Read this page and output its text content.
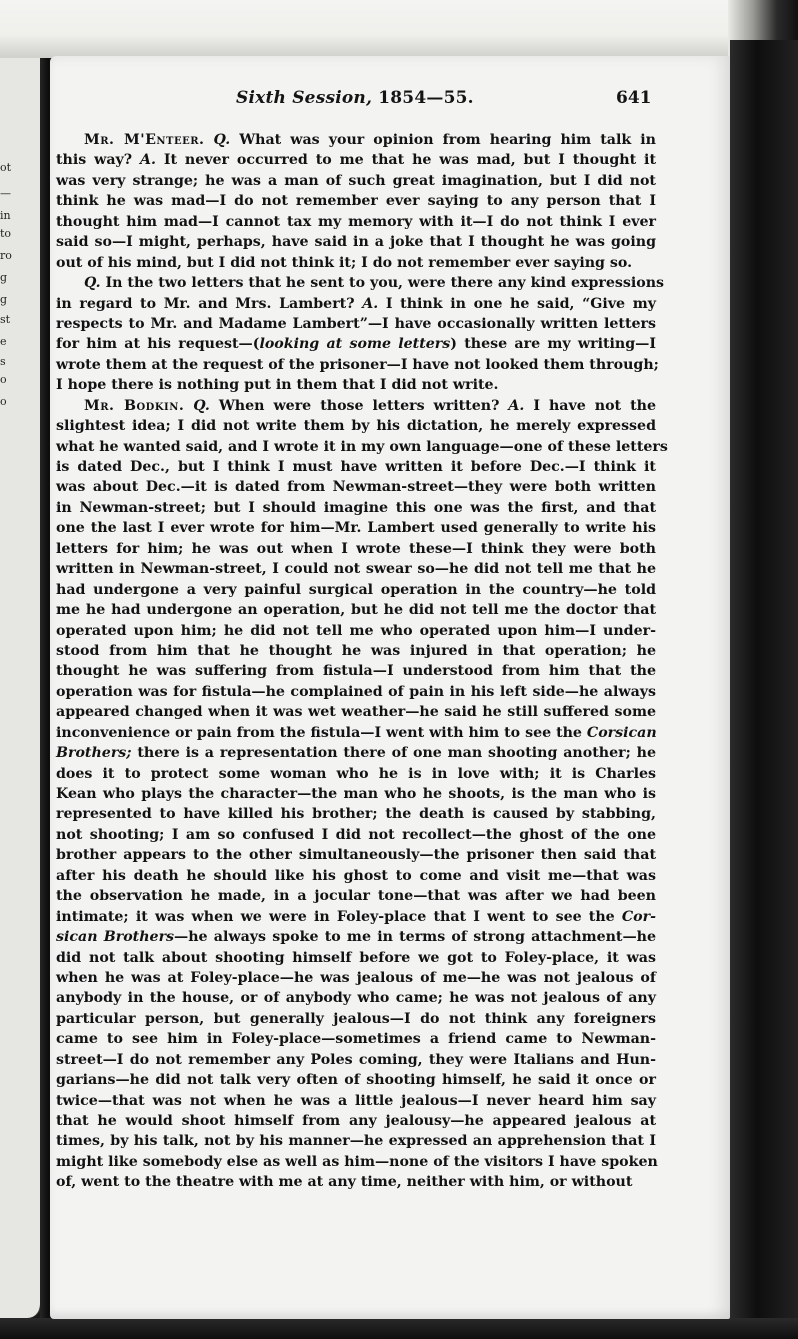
ot
—
in
to
ro
g
g
st
e
s
o
o
Sixth Session, 1854—55.	641
Mr. M'Enteer. Q. What was your opinion from hearing him talk in
this way? A. It never occurred to me that he was mad, but I thought it
was very strange; he was a man of such great imagination, but I did not
think he was mad—I do not remember ever saying to any person that I
thought him mad—I cannot tax my memory with it—I do not think I ever
said so—I might, perhaps, have said in a joke that I thought he was going
out of his mind, but I did not think it; I do not remember ever saying so.
Q. In the two letters that he sent to you, were there any kind expressions
in regard to Mr. and Mrs. Lambert? A. I think in one he said, “Give my
respects to Mr. and Madame Lambert”—I have occasionally written letters
for him at his request—(looking at some letters) these are my writing—I
wrote them at the request of the prisoner—I have not looked them through;
I hope there is nothing put in them that I did not write.
Mr. Bodkin. Q. When were those letters written? A. I have not the
slightest idea; I did not write them by his dictation, he merely expressed
what he wanted said, and I wrote it in my own language—one of these letters
is dated Dec., but I think I must have written it before Dec.—I think it
was about Dec.—it is dated from Newman-street—they were both written
in Newman-street; but I should imagine this one was the first, and that
one the last I ever wrote for him—Mr. Lambert used generally to write his
letters for him; he was out when I wrote these—I think they were both
written in Newman-street, I could not swear so—he did not tell me that he
had undergone a very painful surgical operation in the country—he told
me he had undergone an operation, but he did not tell me the doctor that
operated upon him; he did not tell me who operated upon him—I under-
stood from him that he thought he was injured in that operation; he
thought he was suffering from fistula—I understood from him that the
operation was for fistula—he complained of pain in his left side—he always
appeared changed when it was wet weather—he said he still suffered some
inconvenience or pain from the fistula—I went with him to see the Corsican
Brothers; there is a representation there of one man shooting another; he
does it to protect some woman who he is in love with; it is Charles
Kean who plays the character—the man who he shoots, is the man who is
represented to have killed his brother; the death is caused by stabbing,
not shooting; I am so confused I did not recollect—the ghost of the one
brother appears to the other simultaneously—the prisoner then said that
after his death he should like his ghost to come and visit me—that was
the observation he made, in a jocular tone—that was after we had been
intimate; it was when we were in Foley-place that I went to see the Cor-
sican Brothers—he always spoke to me in terms of strong attachment—he
did not talk about shooting himself before we got to Foley-place, it was
when he was at Foley-place—he was jealous of me—he was not jealous of
anybody in the house, or of anybody who came; he was not jealous of any
particular person, but generally jealous—I do not think any foreigners
came to see him in Foley-place—sometimes a friend came to Newman-
street—I do not remember any Poles coming, they were Italians and Hun-
garians—he did not talk very often of shooting himself, he said it once or
twice—that was not when he was a little jealous—I never heard him say
that he would shoot himself from any jealousy—he appeared jealous at
times, by his talk, not by his manner—he expressed an apprehension that I
might like somebody else as well as him—none of the visitors I have spoken
of, went to the theatre with me at any time, neither with him, or without
